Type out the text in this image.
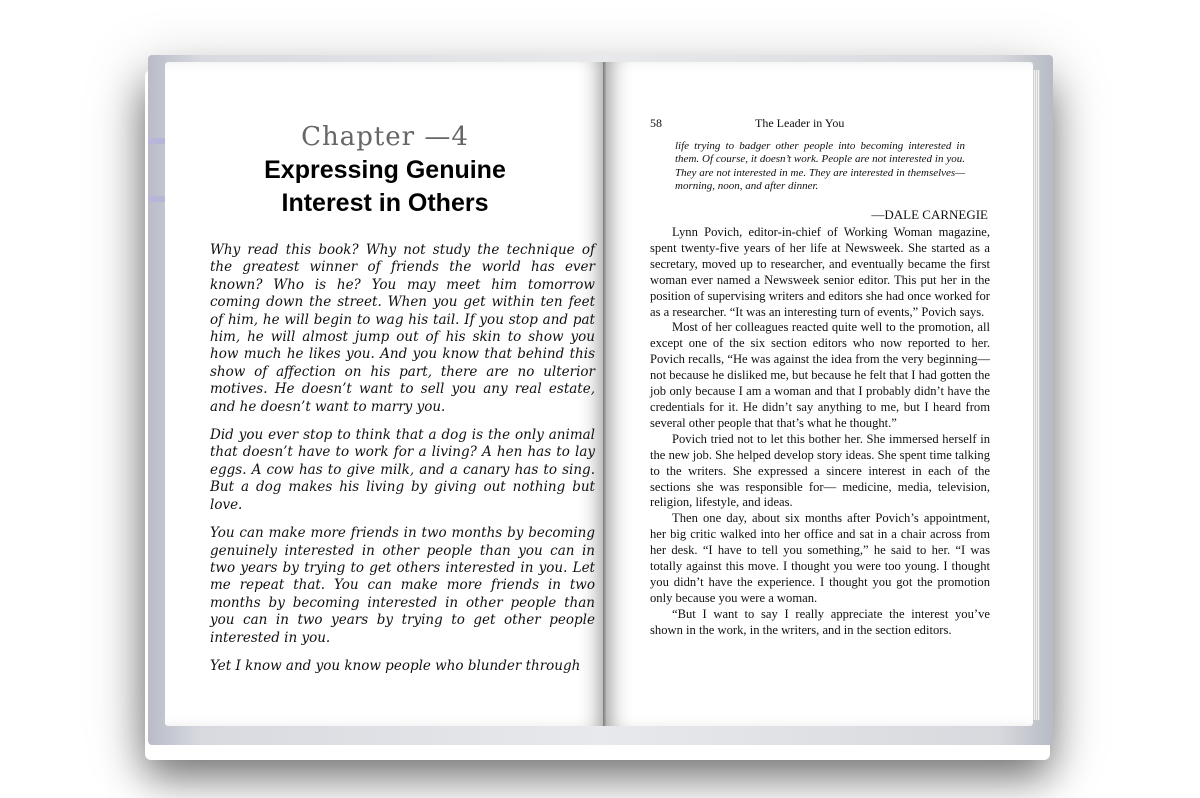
Chapter —4
Expressing Genuine
Interest in Others

Why read this book? Why not study the technique of the greatest winner of friends the world has ever known? Who is he? You may meet him tomorrow coming down the street. When you get within ten feet of him, he will begin to wag his tail. If you stop and pat him, he will almost jump out of his skin to show you how much he likes you. And you know that behind this show of affection on his part, there are no ulterior motives. He doesn’t want to sell you any real estate, and he doesn’t want to marry you.

Did you ever stop to think that a dog is the only animal that doesn’t have to work for a living? A hen has to lay eggs. A cow has to give milk, and a canary has to sing. But a dog makes his living by giving out nothing but love.

You can make more friends in two months by becoming genuinely interested in other people than you can in two years by trying to get others interested in you. Let me repeat that. You can make more friends in two months by becoming interested in other people than you can in two years by trying to get other people interested in you.

Yet I know and you know people who blunder through

58	The Leader in You
life trying to badger other people into becoming interested in them. Of course, it doesn’t work. People are not interested in you. They are not interested in me. They are interested in themselves— morning, noon, and after dinner.
—DALE CARNEGIE

Lynn Povich, editor-in-chief of Working Woman magazine, spent twenty-five years of her life at Newsweek. She started as a secretary, moved up to researcher, and eventually became the first woman ever named a Newsweek senior editor. This put her in the position of supervising writers and editors she had once worked for as a researcher. “It was an interesting turn of events,” Povich says.

Most of her colleagues reacted quite well to the promotion, all except one of the six section editors who now reported to her. Povich recalls, “He was against the idea from the very beginning—not because he disliked me, but because he felt that I had gotten the job only because I am a woman and that I probably didn’t have the credentials for it. He didn’t say anything to me, but I heard from several other people that that’s what he thought.”

Povich tried not to let this bother her. She immersed herself in the new job. She helped develop story ideas. She spent time talking to the writers. She expressed a sincere interest in each of the sections she was responsible for— medicine, media, television, religion, lifestyle, and ideas.

Then one day, about six months after Povich’s appointment, her big critic walked into her office and sat in a chair across from her desk. “I have to tell you something,” he said to her. “I was totally against this move. I thought you were too young. I thought you didn’t have the experience. I thought you got the promotion only because you were a woman.

“But I want to say I really appreciate the interest you’ve shown in the work, in the writers, and in the section editors.
